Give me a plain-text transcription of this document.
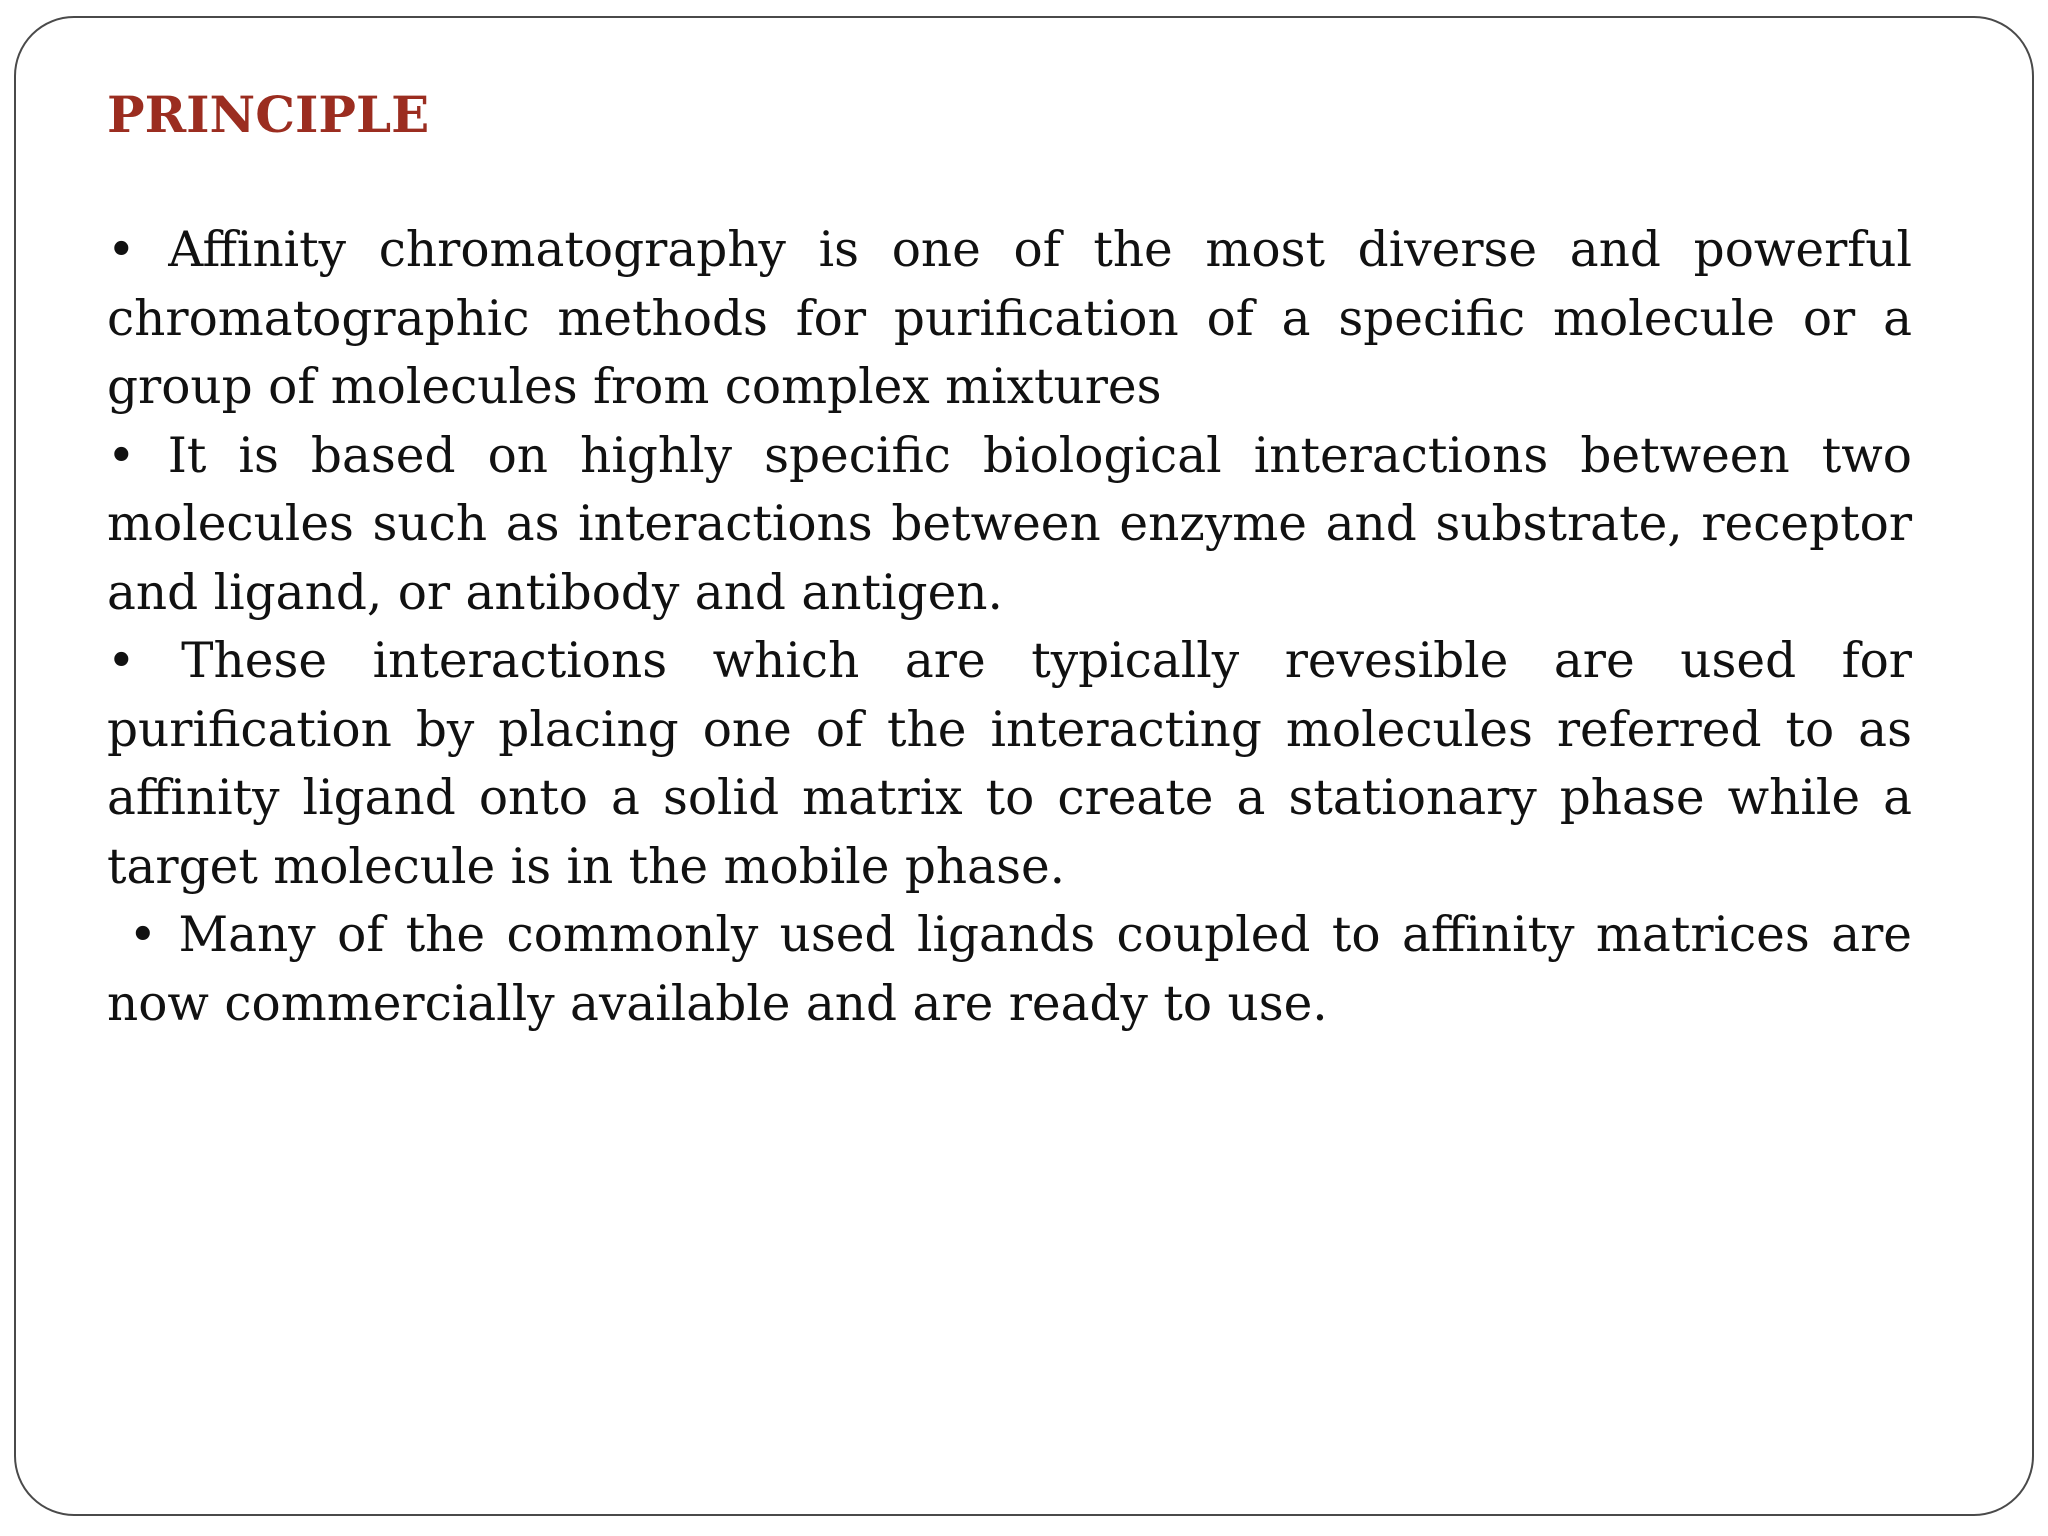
PRINCIPLE
• Affinity chromatography is one of the most diverse and powerful chromatographic methods for purification of a specific molecule or a group of molecules from complex mixtures
• It is based on highly specific biological interactions between two molecules such as interactions between enzyme and substrate, receptor and ligand, or antibody and antigen.
• These interactions which are typically revesible are used for purification by placing one of the interacting molecules referred to as affinity ligand onto a solid matrix to create a stationary phase while a target molecule is in the mobile phase.
• Many of the commonly used ligands coupled to affinity matrices are now commercially available and are ready to use.
